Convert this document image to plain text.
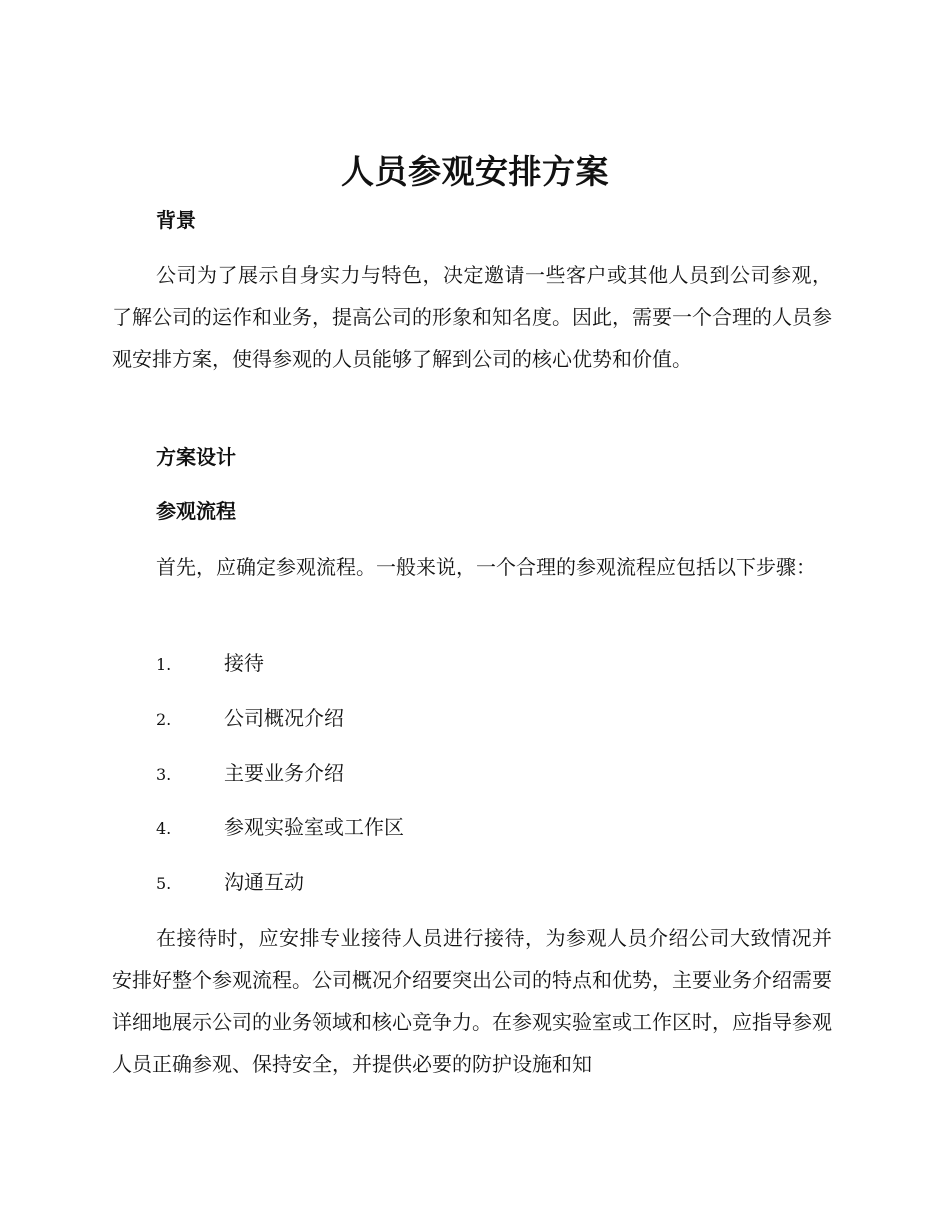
人员参观安排方案
背景

公司为了展示自身实力与特色，决定邀请一些客户或其他人员到公司参观，了解公司的运作和业务，提高公司的形象和知名度。因此，需要一个合理的人员参观安排方案，使得参观的人员能够了解到公司的核心优势和价值。

方案设计
参观流程

首先，应确定参观流程。一般来说，一个合理的参观流程应包括以下步骤：

1.	接待
2.	公司概况介绍
3.	主要业务介绍
4.	参观实验室或工作区
5.	沟通互动

在接待时，应安排专业接待人员进行接待，为参观人员介绍公司大致情况并安排好整个参观流程。公司概况介绍要突出公司的特点和优势，主要业务介绍需要详细地展示公司的业务领域和核心竞争力。在参观实验室或工作区时，应指导参观人员正确参观、保持安全，并提供必要的防护设施和知
